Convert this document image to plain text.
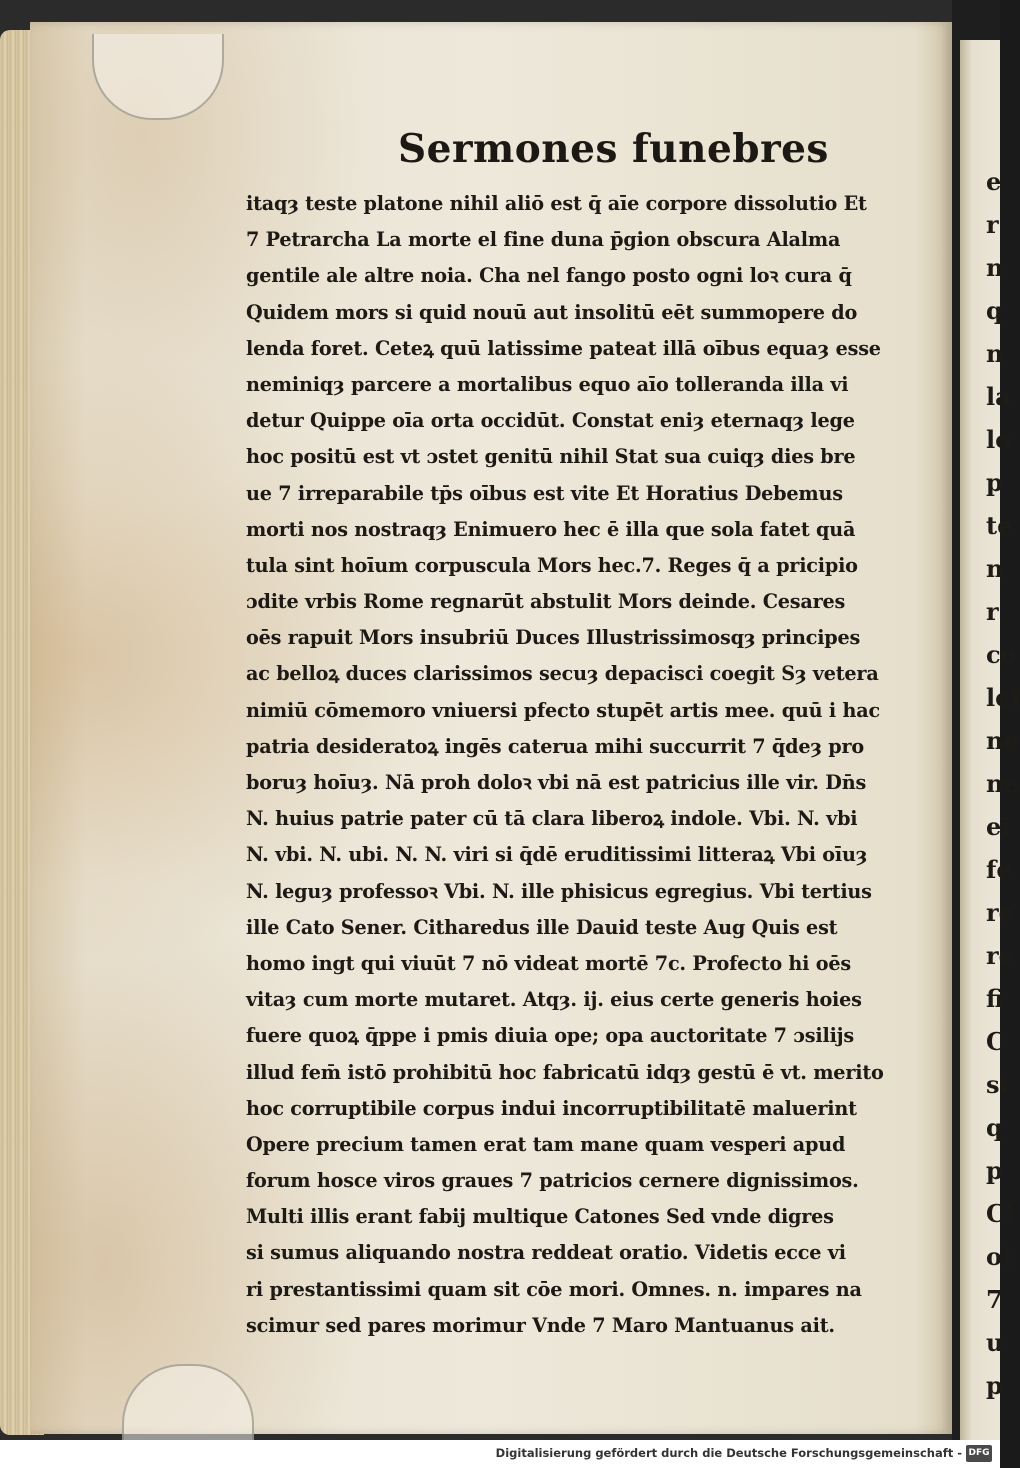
e
r
n
q
n
la
lo
p
te
n
r
co
lei
ne
ne
ei
fe
re
re
fi
C
si
q
p
Ci
ol
7
u
p
Sermones funebres
itaqȝ teste platone nihil aliō est q̄ aīe corpore dissolutio Et
7 Petrarcha La morte el fine duna p̄gion obscura Alalma
gentile ale altre noia. Cha nel fango posto ogni loꝛ cura q̄
Quidem mors si quid nouū aut insolitū eēt summopere do
lenda foret. Ceteꝝ quū latissime pateat illā oībus equaȝ esse
neminiqȝ parcere a mortalibus equo aīo tolleranda illa vi
detur Quippe oīa orta occidūt. Constat eniȝ eternaqȝ lege
hoc positū est vt ɔstet genitū nihil Stat sua cuiqȝ dies bre
ue 7 irreparabile tp̄s oībus est vite Et Horatius Debemus
morti nos nostraqȝ Enimuero hec ē illa que sola fatet quā
tula sint hoīum corpuscula Mors hec.7. Reges q̄ a pricipio
ɔdite vrbis Rome regnarūt abstulit Mors deinde. Cesares
oēs rapuit Mors insubriū Duces Illustrissimosqȝ principes
ac belloꝝ duces clarissimos secuȝ depacisci coegit Sȝ vetera
nimiū cōmemoro vniuersi pfecto stupēt artis mee. quū i hac
patria desideratoꝝ ingēs caterua mihi succurrit 7 q̄deȝ pro
boruȝ hoīuȝ. Nā proh doloꝛ vbi nā est patricius ille vir. Dn̄s
N. huius patrie pater cū tā clara liberoꝝ indole. Vbi. N. vbi
N. vbi. N. ubi. N. N. viri si q̄dē eruditissimi litteraꝝ Vbi oīuȝ
N. leguȝ professoꝛ Vbi. N. ille phisicus egregius. Vbi tertius
ille Cato Sener. Citharedus ille Dauid teste Aug Quis est
homo ingt qui viuūt 7 nō videat mortē 7c. Profecto hi oēs
vitaȝ cum morte mutaret. Atqȝ. ij. eius certe generis hoies
fuere quoꝝ q̄ppe i pmis diuia ope; opa auctoritate 7 ɔsilijs
illud fem̄ istō prohibitū hoc fabricatū idqȝ gestū ē vt. merito
hoc corruptibile corpus indui incorruptibilitatē maluerint
Opere precium tamen erat tam mane quam vesperi apud
forum hosce viros graues 7 patricios cernere dignissimos.
Multi illis erant fabij multique Catones Sed vnde digres
si sumus aliquando nostra reddeat oratio. Videtis ecce vi
ri prestantissimi quam sit cōe mori. Omnes. n. impares na
scimur sed pares morimur Vnde 7 Maro Mantuanus ait.
Digitalisierung gefördert durch die Deutsche Forschungsgemeinschaft - DFG
